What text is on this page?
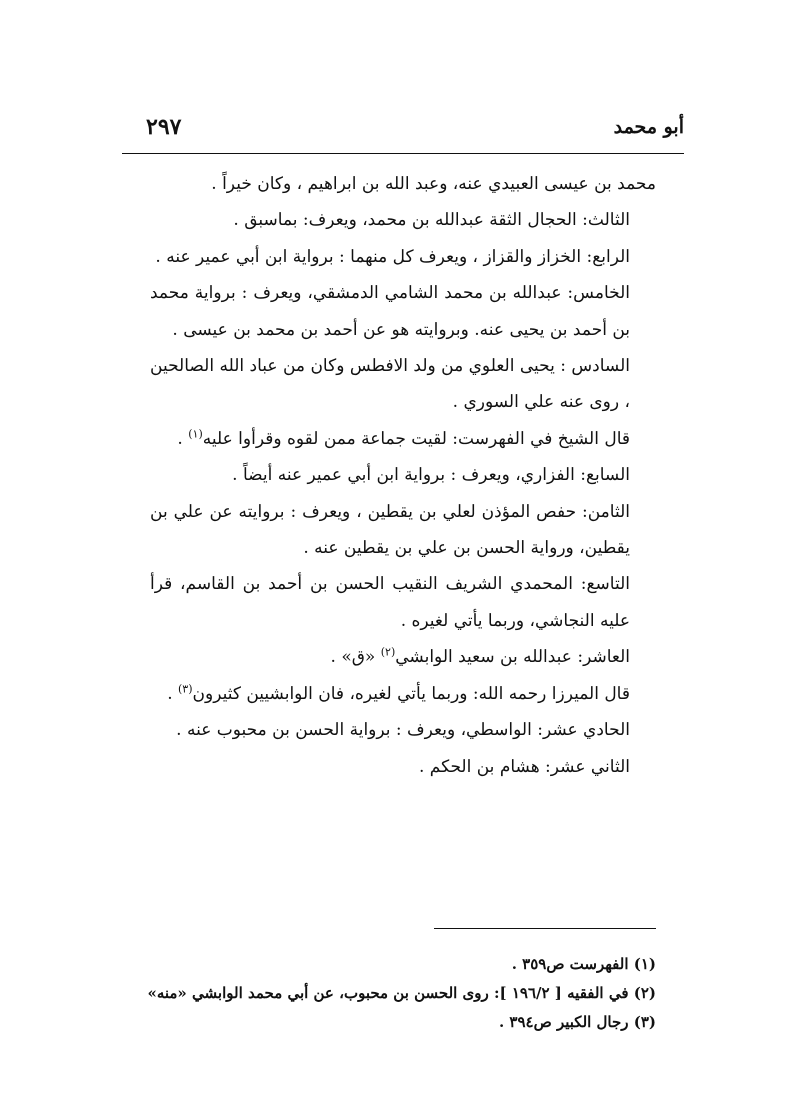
أبو محمد
٢٩٧

محمد بن عيسى العبيدي عنه، وعبد الله بن ابراهيم ، وكان خيراً .

الثالث: الحجال الثقة عبدالله بن محمد، ويعرف: بماسبق .

الرابع: الخزاز والقزاز ، ويعرف كل منهما : برواية ابن أبي عمير عنه .

الخامس: عبدالله بن محمد الشامي الدمشقي، ويعرف : برواية محمد بن أحمد بن يحيى عنه. وبروايته هو عن أحمد بن محمد بن عيسى .

السادس : يحيى العلوي من ولد الافطس وكان من عباد الله الصالحين ، روى عنه علي السوري .

قال الشيخ في الفهرست: لقيت جماعة ممن لقوه وقرأوا عليه$^{(١)}$ .

السابع: الفزاري، ويعرف : برواية ابن أبي عمير عنه أيضاً .

الثامن: حفص المؤذن لعلي بن يقطين ، ويعرف : بروايته عن علي بن يقطين، ورواية الحسن بن علي بن يقطين عنه .

التاسع: المحمدي الشريف النقيب الحسن بن أحمد بن القاسم، قرأ عليه النجاشي، وربما يأتي لغيره .

العاشر: عبدالله بن سعيد الوابشي$^{(٢)}$ «ق» .

قال الميرزا رحمه الله: وربما يأتي لغيره، فان الوابشيين كثيرون$^{(٣)}$ .

الحادي عشر: الواسطي، ويعرف : برواية الحسن بن محبوب عنه .

الثاني عشر: هشام بن الحكم .

(١) الفهرست ص٣٥٩ .

(٢) في الفقيه [ ١٩٦/٢ ]: روى الحسن بن محبوب، عن أبي محمد الوابشي «منه»

(٣) رجال الكبير ص٣٩٤ .
